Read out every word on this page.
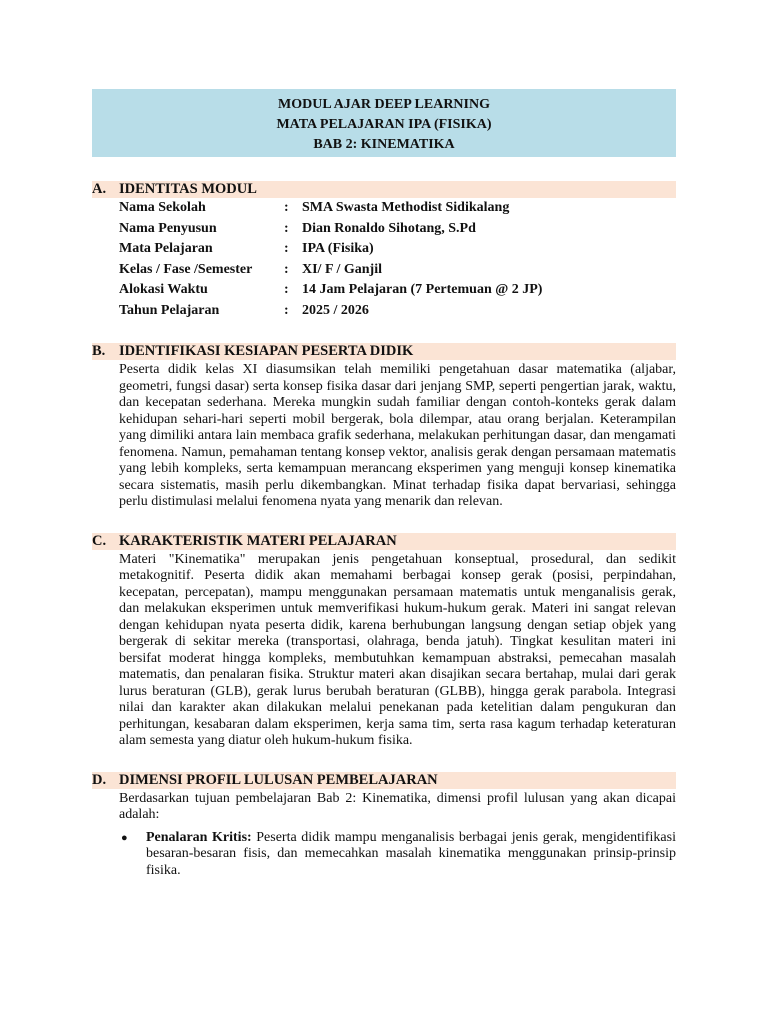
MODUL AJAR DEEP LEARNING
MATA PELAJARAN IPA (FISIKA)
BAB 2: KINEMATIKA
A. IDENTITAS MODUL
Nama Sekolah	: SMA Swasta Methodist Sidikalang
Nama Penyusun	: Dian Ronaldo Sihotang, S.Pd
Mata Pelajaran	: IPA (Fisika)
Kelas / Fase /Semester : XI/ F / Ganjil
Alokasi Waktu	: 14 Jam Pelajaran (7 Pertemuan @ 2 JP)
Tahun Pelajaran	: 2025 / 2026
B. IDENTIFIKASI KESIAPAN PESERTA DIDIK
Peserta didik kelas XI diasumsikan telah memiliki pengetahuan dasar matematika (aljabar, geometri, fungsi dasar) serta konsep fisika dasar dari jenjang SMP, seperti pengertian jarak, waktu, dan kecepatan sederhana. Mereka mungkin sudah familiar dengan contoh-konteks gerak dalam kehidupan sehari-hari seperti mobil bergerak, bola dilempar, atau orang berjalan. Keterampilan yang dimiliki antara lain membaca grafik sederhana, melakukan perhitungan dasar, dan mengamati fenomena. Namun, pemahaman tentang konsep vektor, analisis gerak dengan persamaan matematis yang lebih kompleks, serta kemampuan merancang eksperimen yang menguji konsep kinematika secara sistematis, masih perlu dikembangkan. Minat terhadap fisika dapat bervariasi, sehingga perlu distimulasi melalui fenomena nyata yang menarik dan relevan.
C. KARAKTERISTIK MATERI PELAJARAN
Materi "Kinematika" merupakan jenis pengetahuan konseptual, prosedural, dan sedikit metakognitif. Peserta didik akan memahami berbagai konsep gerak (posisi, perpindahan, kecepatan, percepatan), mampu menggunakan persamaan matematis untuk menganalisis gerak, dan melakukan eksperimen untuk memverifikasi hukum-hukum gerak. Materi ini sangat relevan dengan kehidupan nyata peserta didik, karena berhubungan langsung dengan setiap objek yang bergerak di sekitar mereka (transportasi, olahraga, benda jatuh). Tingkat kesulitan materi ini bersifat moderat hingga kompleks, membutuhkan kemampuan abstraksi, pemecahan masalah matematis, dan penalaran fisika. Struktur materi akan disajikan secara bertahap, mulai dari gerak lurus beraturan (GLB), gerak lurus berubah beraturan (GLBB), hingga gerak parabola. Integrasi nilai dan karakter akan dilakukan melalui penekanan pada ketelitian dalam pengukuran dan perhitungan, kesabaran dalam eksperimen, kerja sama tim, serta rasa kagum terhadap keteraturan alam semesta yang diatur oleh hukum-hukum fisika.
D. DIMENSI PROFIL LULUSAN PEMBELAJARAN
Berdasarkan tujuan pembelajaran Bab 2: Kinematika, dimensi profil lulusan yang akan dicapai adalah:
● Penalaran Kritis: Peserta didik mampu menganalisis berbagai jenis gerak, mengidentifikasi besaran-besaran fisis, dan memecahkan masalah kinematika menggunakan prinsip-prinsip fisika.
